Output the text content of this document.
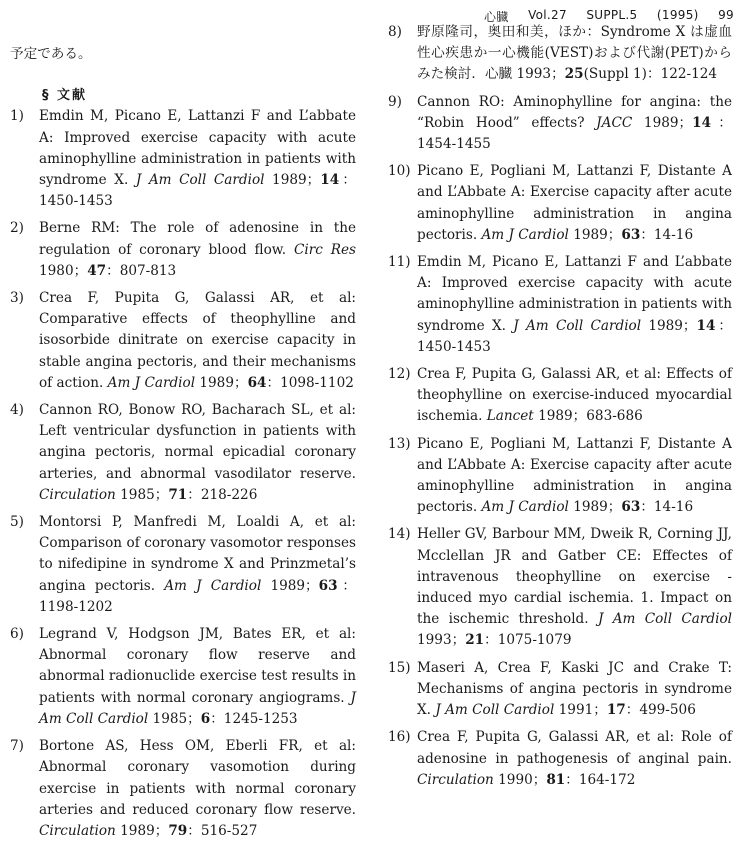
心臓 Vol.27 SUPPL.5 (1995) 99
予定である。
§ 文献
1)	Emdin M, Picano E, Lattanzi F and L’abbate A: Improved exercise capacity with acute aminophylline administration in patients with syndrome X. J Am Coll Cardiol 1989；14：1450-1453
2)	Berne RM: The role of adenosine in the regulation of coronary blood flow. Circ Res 1980；47：807-813
3)	Crea F, Pupita G, Galassi AR, et al: Comparative effects of theophylline and isosorbide dinitrate on exercise capacity in stable angina pectoris, and their mechanisms of action. Am J Cardiol 1989；64：1098-1102
4)	Cannon RO, Bonow RO, Bacharach SL, et al: Left ventricular dysfunction in patients with angina pectoris, normal epicadial coronary arteries, and abnormal vasodilator reserve. Circulation 1985；71：218-226
5)	Montorsi P, Manfredi M, Loaldi A, et al: Comparison of coronary vasomotor responses to nifedipine in syndrome X and Prinzmetal’s angina pectoris. Am J Cardiol 1989；63：1198-1202
6)	Legrand V, Hodgson JM, Bates ER, et al: Abnormal coronary flow reserve and abnormal radionuclide exercise test results in patients with normal coronary angiograms. J Am Coll Cardiol 1985；6：1245-1253
7)	Bortone AS, Hess OM, Eberli FR, et al: Abnormal coronary vasomotion during exercise in patients with normal coronary arteries and reduced coronary flow reserve. Circulation 1989；79：516-527
8)	野原隆司，奥田和美，ほか：Syndrome X は虚血性心疾患か一心機能(VEST)および代謝(PET)からみた検討．心臓 1993；25(Suppl 1)：122-124
9)	Cannon RO: Aminophylline for angina: the “Robin Hood” effects? JACC 1989；14：1454-1455
10) Picano E, Pogliani M, Lattanzi F, Distante A and L’Abbate A: Exercise capacity after acute aminophylline administration in angina pectoris. Am J Cardiol 1989；63：14-16
11) Emdin M, Picano E, Lattanzi F and L’abbate A: Improved exercise capacity with acute aminophylline administration in patients with syndrome X. J Am Coll Cardiol 1989；14：1450-1453
12) Crea F, Pupita G, Galassi AR, et al: Effects of theophylline on exercise-induced myocardial ischemia. Lancet 1989；683-686
13) Picano E, Pogliani M, Lattanzi F, Distante A and L’Abbate A: Exercise capacity after acute aminophylline administration in angina pectoris. Am J Cardiol 1989；63：14-16
14) Heller GV, Barbour MM, Dweik R, Corning JJ, Mcclellan JR and Gatber CE: Effectes of intravenous theophylline on exercise - induced myo cardial ischemia. 1. Impact on the ischemic threshold. J Am Coll Cardiol 1993；21：1075-1079
15) Maseri A, Crea F, Kaski JC and Crake T: Mechanisms of angina pectoris in syndrome X. J Am Coll Cardiol 1991；17：499-506
16) Crea F, Pupita G, Galassi AR, et al: Role of adenosine in pathogenesis of anginal pain. Circulation 1990；81：164-172
